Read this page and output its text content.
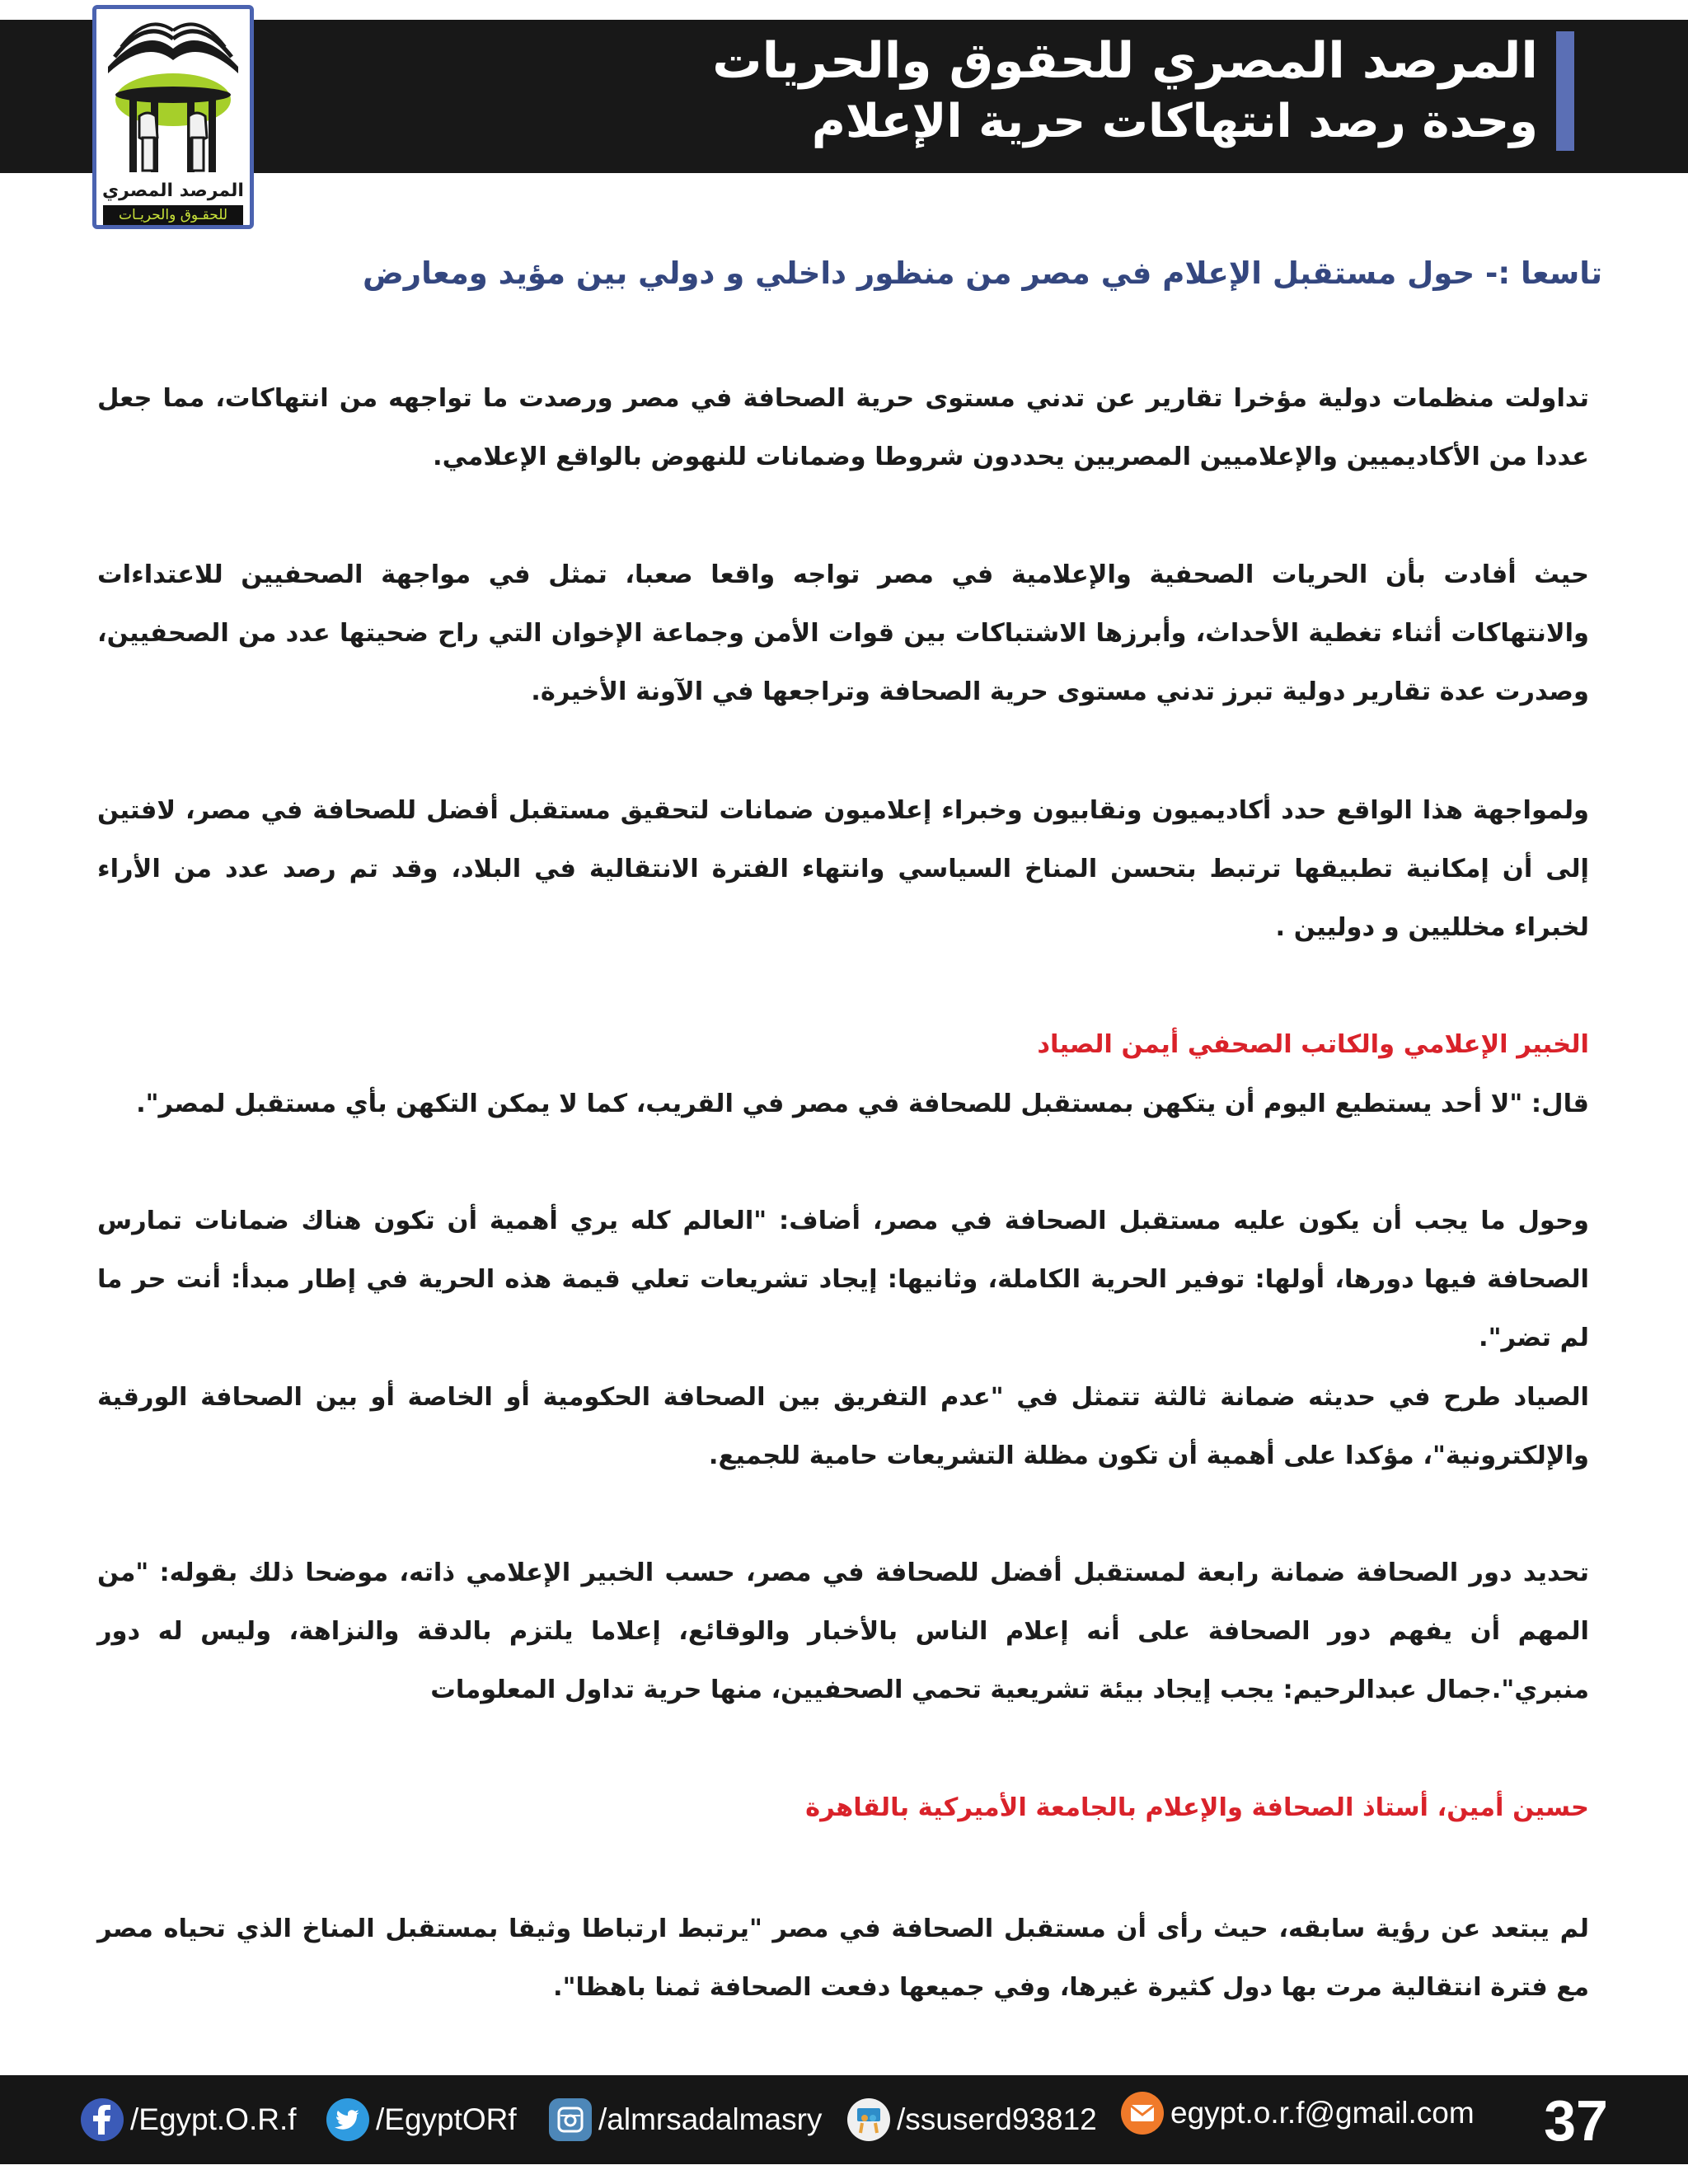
المرصد المصري للحقوق والحريات
وحدة رصد انتهاكات حرية الإعلام
المرصد المصري
للحقـوق والحريـات
تاسعا :- حول مستقبل الإعلام في مصر من منظور داخلي و دولي بين مؤيد ومعارض

تداولت منظمات دولية مؤخرا تقارير عن تدني مستوى حرية الصحافة في مصر ورصدت ما تواجهه من انتهاكات، مما جعل عددا من الأكاديميين والإعلاميين المصريين يحددون شروطا وضمانات للنهوض بالواقع الإعلامي.

حيث أفادت بأن الحريات الصحفية والإعلامية في مصر تواجه واقعا صعبا، تمثل في مواجهة الصحفيين للاعتداءات والانتهاكات أثناء تغطية الأحداث، وأبرزها الاشتباكات بين قوات الأمن وجماعة الإخوان التي راح ضحيتها عدد من الصحفيين، وصدرت عدة تقارير دولية تبرز تدني مستوى حرية الصحافة وتراجعها في الآونة الأخيرة.

ولمواجهة هذا الواقع حدد أكاديميون ونقابيون وخبراء إعلاميون ضمانات لتحقيق مستقبل أفضل للصحافة في مصر، لافتين إلى أن إمكانية تطبيقها ترتبط بتحسن المناخ السياسي وانتهاء الفترة الانتقالية في البلاد، وقد تم رصد عدد من الأراء لخبراء مخلليين و دوليين .

الخبير الإعلامي والكاتب الصحفي أيمن الصياد

قال: "لا أحد يستطيع اليوم أن يتكهن بمستقبل للصحافة في مصر في القريب، كما لا يمكن التكهن بأي مستقبل لمصر".

وحول ما يجب أن يكون عليه مستقبل الصحافة في مصر، أضاف: "العالم كله يري أهمية أن تكون هناك ضمانات تمارس الصحافة فيها دورها، أولها: توفير الحرية الكاملة، وثانيها: إيجاد تشريعات تعلي قيمة هذه الحرية في إطار مبدأ: أنت حر ما لم تضر".

الصياد طرح في حديثه ضمانة ثالثة تتمثل في "عدم التفريق بين الصحافة الحكومية أو الخاصة أو بين الصحافة الورقية والإلكترونية"، مؤكدا على أهمية أن تكون مظلة التشريعات حامية للجميع.

تحديد دور الصحافة ضمانة رابعة لمستقبل أفضل للصحافة في مصر، حسب الخبير الإعلامي ذاته، موضحا ذلك بقوله: "من المهم أن يفهم دور الصحافة على أنه إعلام الناس بالأخبار والوقائع، إعلاما يلتزم بالدقة والنزاهة، وليس له دور منبري".جمال عبدالرحيم: يجب إيجاد بيئة تشريعية تحمي الصحفيين، منها حرية تداول المعلومات

حسين أمين، أستاذ الصحافة والإعلام بالجامعة الأميركية بالقاهرة

لم يبتعد عن رؤية سابقه، حيث رأى أن مستقبل الصحافة في مصر "يرتبط ارتباطا وثيقا بمستقبل المناخ الذي تحياه مصر مع فترة انتقالية مرت بها دول كثيرة غيرها، وفي جميعها دفعت الصحافة ثمنا باهظا".

/Egypt.O.R.f	/EgyptORf	/almrsadalmasry /ssuserd93812 egypt.o.r.f@gmail.com	37
